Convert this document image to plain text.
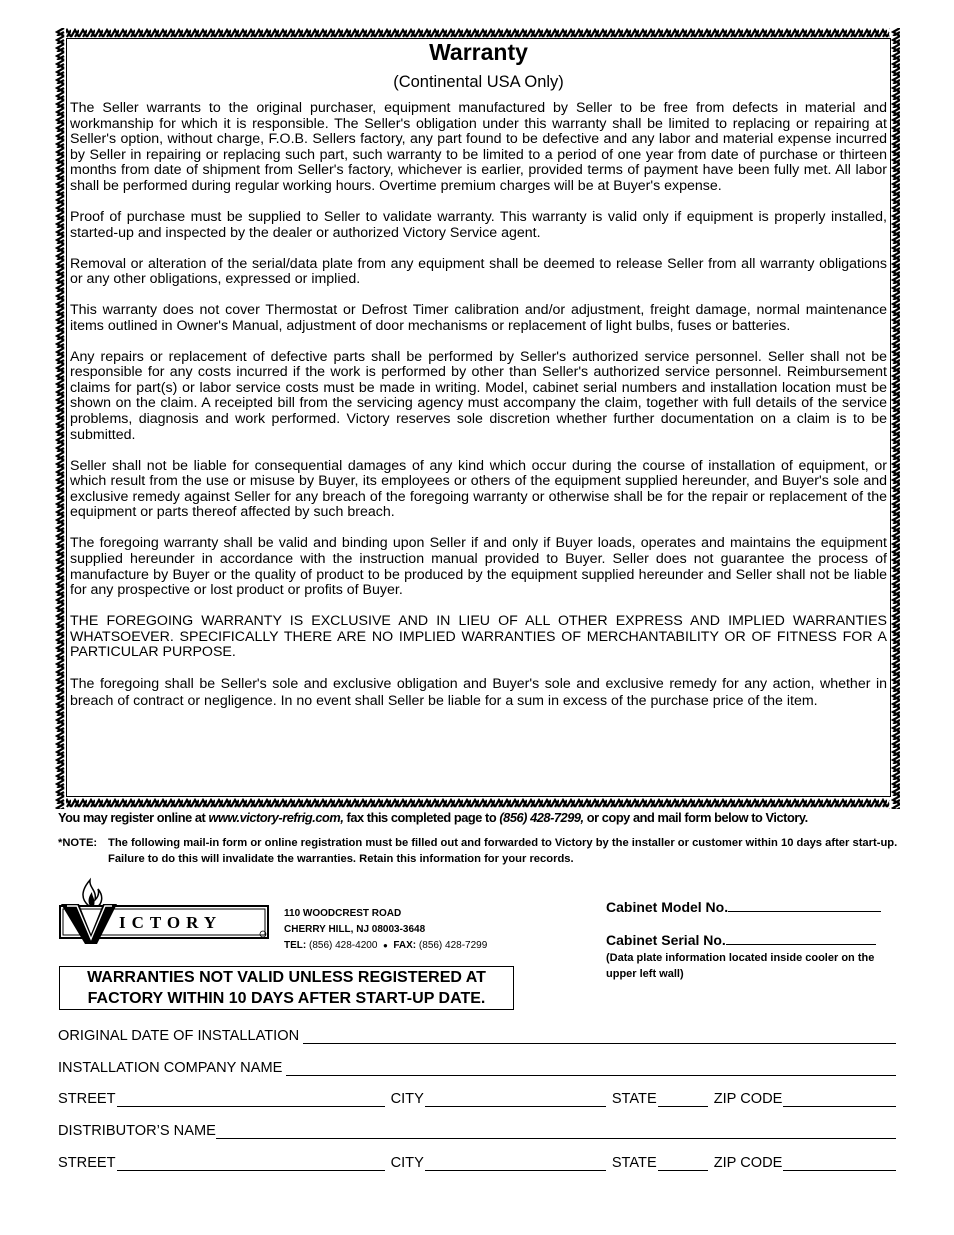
Warranty
(Continental USA Only)

The Seller warrants to the original purchaser, equipment manufactured by Seller to be free from defects in material and workmanship for which it is responsible. The Seller's obligation under this warranty shall be limited to replacing or repairing at Seller's option, without charge, F.O.B. Sellers factory, any part found to be defective and any labor and material expense incurred by Seller in repairing or replacing such part, such warranty to be limited to a period of one year from date of purchase or thirteen months from date of shipment from Seller's factory, whichever is earlier, provided terms of payment have been fully met. All labor shall be performed during regular working hours. Overtime premium charges will be at Buyer's expense.

Proof of purchase must be supplied to Seller to validate warranty. This warranty is valid only if equipment is properly installed, started-up and inspected by the dealer or authorized Victory Service agent.

Removal or alteration of the serial/data plate from any equipment shall be deemed to release Seller from all warranty obligations or any other obligations, expressed or implied.

This warranty does not cover Thermostat or Defrost Timer calibration and/or adjustment, freight damage, normal maintenance items outlined in Owner's Manual, adjustment of door mechanisms or replacement of light bulbs, fuses or batteries.

Any repairs or replacement of defective parts shall be performed by Seller's authorized service personnel. Seller shall not be responsible for any costs incurred if the work is performed by other than Seller's authorized service personnel. Reimbursement claims for part(s) or labor service costs must be made in writing. Model, cabinet serial numbers and installation location must be shown on the claim. A receipted bill from the servicing agency must accompany the claim, together with full details of the service problems, diagnosis and work performed. Victory reserves sole discretion whether further documentation on a claim is to be submitted.

Seller shall not be liable for consequential damages of any kind which occur during the course of installation of equipment, or which result from the use or misuse by Buyer, its employees or others of the equipment supplied hereunder, and Buyer's sole and exclusive remedy against Seller for any breach of the foregoing warranty or otherwise shall be for the repair or replacement of the equipment or parts thereof affected by such breach.

The foregoing warranty shall be valid and binding upon Seller if and only if Buyer loads, operates and maintains the equipment supplied hereunder in accordance with the instruction manual provided to Buyer. Seller does not guarantee the process of manufacture by Buyer or the quality of product to be produced by the equipment supplied hereunder and Seller shall not be liable for any prospective or lost product or profits of Buyer.

THE FOREGOING WARRANTY IS EXCLUSIVE AND IN LIEU OF ALL OTHER EXPRESS AND IMPLIED WARRANTIES WHATSOEVER. SPECIFICALLY THERE ARE NO IMPLIED WARRANTIES OF MERCHANTABILITY OR OF FITNESS FOR A PARTICULAR PURPOSE.

The foregoing shall be Seller's sole and exclusive obligation and Buyer's sole and exclusive remedy for any action, whether in breach of contract or negligence. In no event shall Seller be liable for a sum in excess of the purchase price of the item.

You may register online at www.victory-refrig.com, fax this completed page to (856) 428-7299, or copy and mail form below to Victory.
*NOTE: The following mail-in form or online registration must be filled out and forwarded to Victory by the installer or customer within 10 days after start-up. Failure to do this will invalidate the warranties. Retain this information for your records.
ICTORY	110 WOODCREST ROAD
CHERRY HILL, NJ 08003-3648
TEL: (856) 428-4200 ● FAX: (856) 428-7299
Cabinet Model No.
Cabinet Serial No.
(Data plate information located inside cooler on the upper left wall)
WARRANTIES NOT VALID UNLESS REGISTERED AT
FACTORY WITHIN 10 DAYS AFTER START-UP DATE.
ORIGINAL DATE OF INSTALLATION
INSTALLATION COMPANY NAME
STREET	CITY	STATE	ZIP CODE
DISTRIBUTOR’S NAME
STREET	CITY	STATE	ZIP CODE
